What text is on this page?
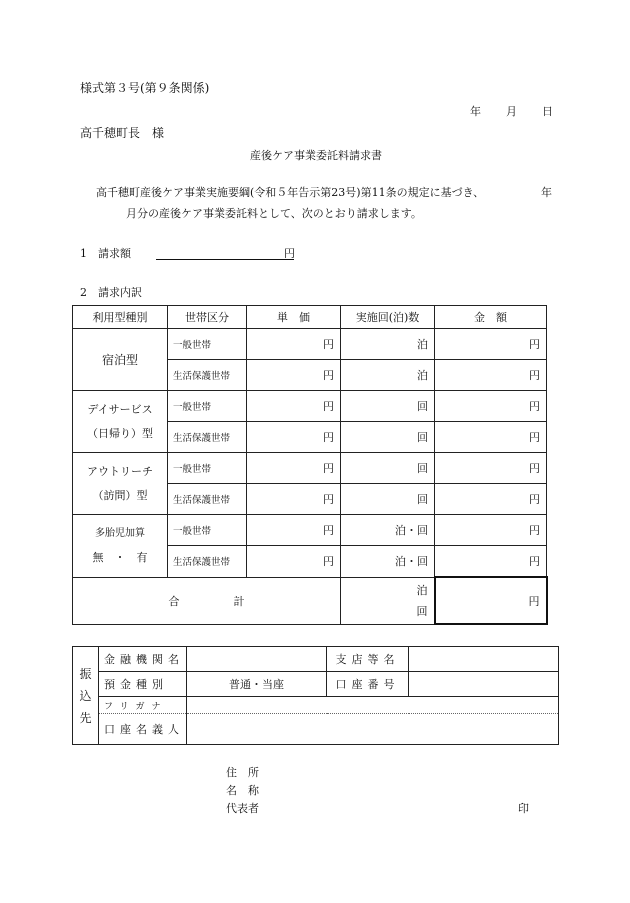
様式第３号(第９条関係)
年 月 日
高千穂町長　様
産後ケア事業委託料請求書
高千穂町産後ケア事業実施要綱(令和５年告示第23号)第11条の規定に基づき、	年
月分の産後ケア事業委託料として、次のとおり請求します。
1　請求額	円
2　請求内訳
利用型種別	世帯区分	単　価	実施回(泊)数	金　額

宿泊型	一般世帯	円	泊	円
	生活保護世帯	円	泊	円

デイサービス
（日帰り）型	一般世帯	円	回	円
	生活保護世帯	円	回	円

アウトリーチ
（訪問）型	一般世帯	円	回	円
	生活保護世帯	円	回	円

多胎児加算
無　・　有	一般世帯	円	泊・回	円
	生活保護世帯	円	泊・回	円
合 計			泊
回	円
振
込
先	金融機関名		支店等名	
	預金種別	普通・当座	口座番号	
	フリガナ			
	口座名義人			
住　所
名　称
代表者	印
